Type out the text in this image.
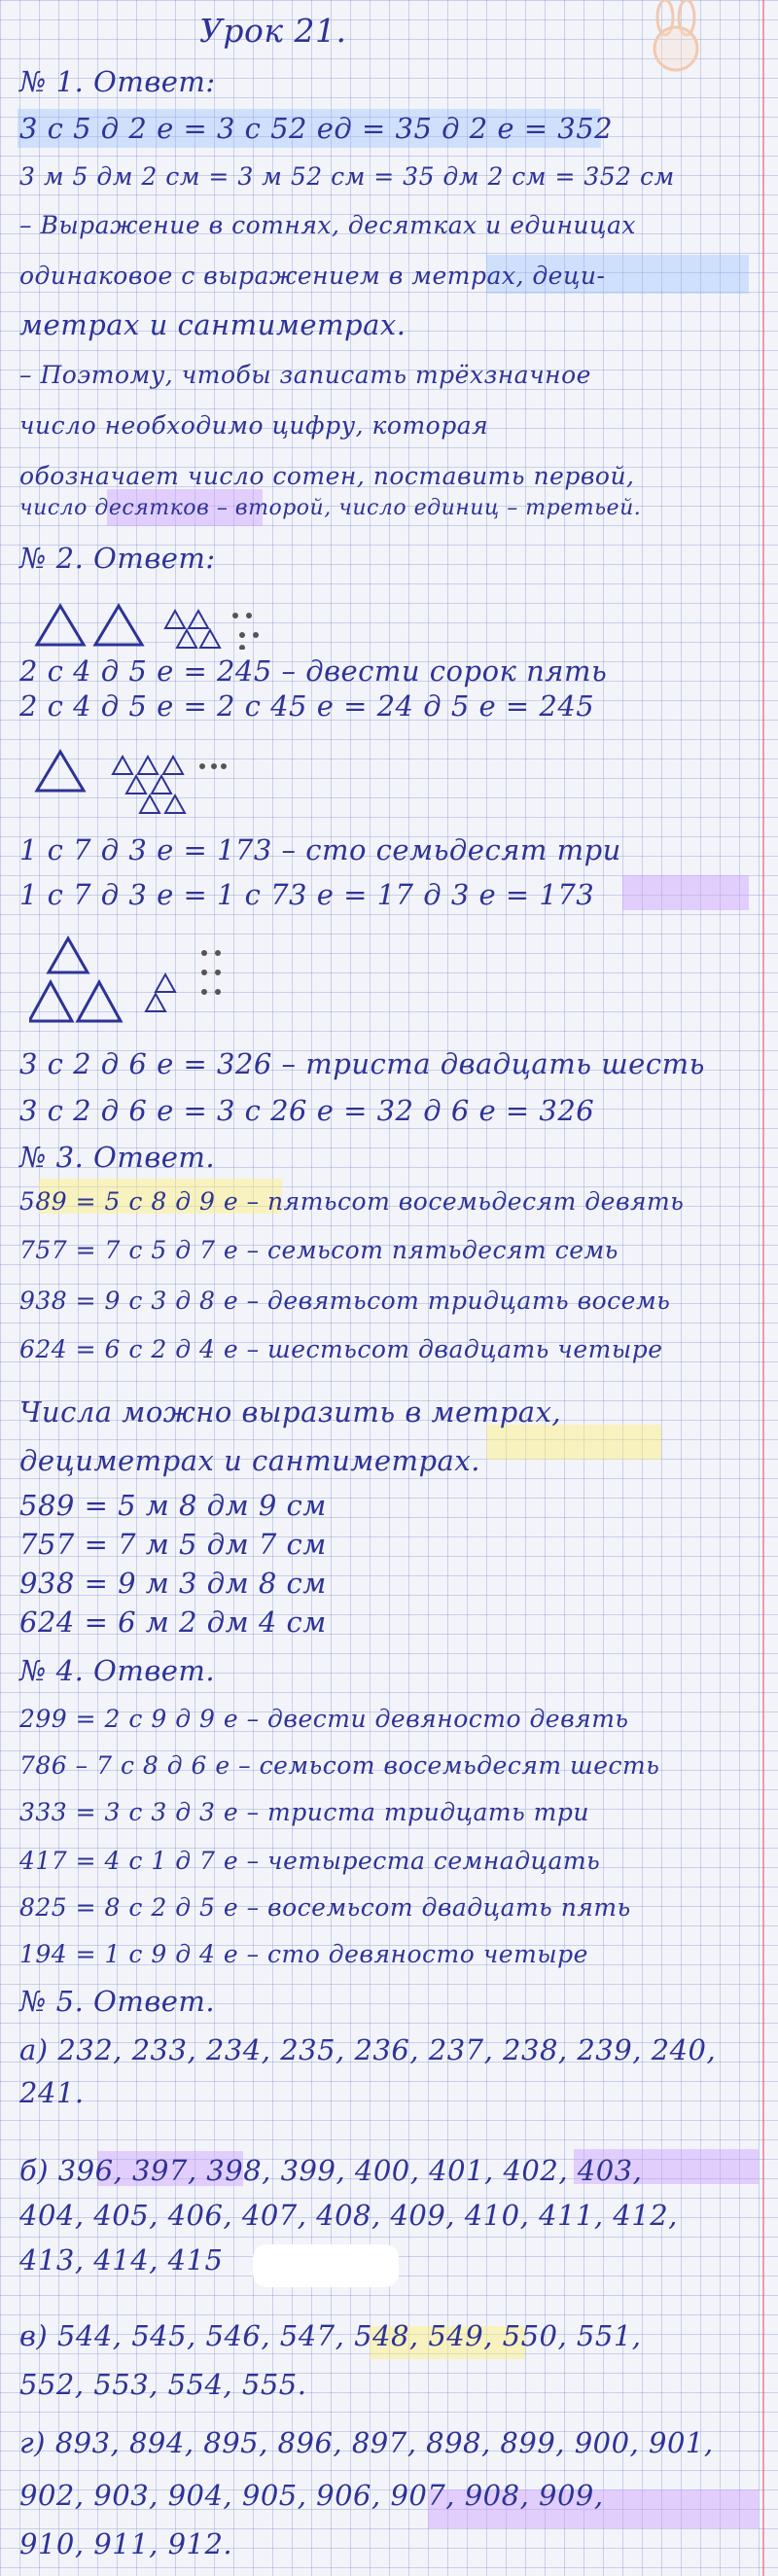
Урок 21.
№ 1. Ответ:
3 с 5 д 2 е = 3 с 52 ед = 35 д 2 е = 352
3 м 5 дм 2 см = 3 м 52 см = 35 дм 2 см = 352 см
– Выражение в сотнях, десятках и единицах
одинаковое с выражением в метрах, деци-
метрах и сантиметрах.
– Поэтому, чтобы записать трёхзначное
число необходимо цифру, которая
обозначает число сотен, поставить первой,
число десятков – второй, число единиц – третьей.
№ 2. Ответ:
2 с 4 д 5 е = 245 – двести сорок пять
2 с 4 д 5 е = 2 с 45 е = 24 д 5 е = 245
1 с 7 д 3 е = 173 – сто семьдесят три
1 с 7 д 3 е = 1 с 73 е = 17 д 3 е = 173
3 с 2 д 6 е = 326 – триста двадцать шесть
3 с 2 д 6 е = 3 с 26 е = 32 д 6 е = 326
№ 3. Ответ.
589 = 5 с 8 д 9 е – пятьсот восемьдесят девять
757 = 7 с 5 д 7 е – семьсот пятьдесят семь
938 = 9 с 3 д 8 е – девятьсот тридцать восемь
624 = 6 с 2 д 4 е – шестьсот двадцать четыре
Числа можно выразить в метрах,
дециметрах и сантиметрах.
589 = 5 м 8 дм 9 см
757 = 7 м 5 дм 7 см
938 = 9 м 3 дм 8 см
624 = 6 м 2 дм 4 см
№ 4. Ответ.
299 = 2 с 9 д 9 е – двести девяносто девять
786 – 7 с 8 д 6 е – семьсот восемьдесят шесть
333 = 3 с 3 д 3 е – триста тридцать три
417 = 4 с 1 д 7 е – четыреста семнадцать
825 = 8 с 2 д 5 е – восемьсот двадцать пять
194 = 1 с 9 д 4 е – сто девяносто четыре
№ 5. Ответ.
а) 232, 233, 234, 235, 236, 237, 238, 239, 240,
241.
б) 396, 397, 398, 399, 400, 401, 402, 403,
404, 405, 406, 407, 408, 409, 410, 411, 412,
413, 414, 415
в) 544, 545, 546, 547, 548, 549, 550, 551,
552, 553, 554, 555.
г) 893, 894, 895, 896, 897, 898, 899, 900, 901,
902, 903, 904, 905, 906, 907, 908, 909,
910, 911, 912.
